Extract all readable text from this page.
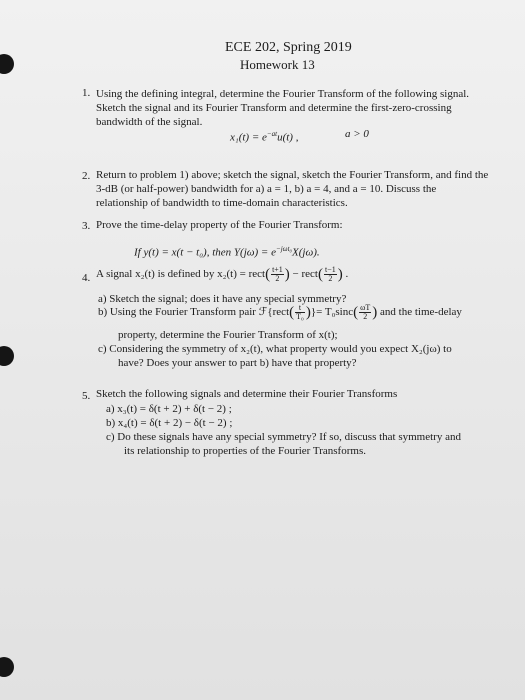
ECE 202, Spring 2019
Homework 13
1. Using the defining integral, determine the Fourier Transform of the following signal.
Sketch the signal and its Fourier Transform and determine the first-zero-crossing
bandwidth of the signal.
$x_1(t) = e^{-at}u(t)$ ,	a > 0
2. Return to problem 1) above; sketch the signal, sketch the Fourier Transform, and find the
3-dB (or half-power) bandwidth for a) a = 1, b) a = 4, and a = 10. Discuss the
relationship of bandwidth to time-domain characteristics.
3. Prove the time-delay property of the Fourier Transform:
If y(t) = x(t − t₀), then $Y(j\omega) = e^{-j\omega t_0}X(j\omega)$.
4. A signal x₂(t) is defined by x₂(t) = rect( $\frac{t+1}{2}$ ) − rect( $\frac{t-1}{2}$ ) .
a) Sketch the signal; does it have any special symmetry?
b) Using the Fourier Transform pair ℱ{rect( $\frac{t}{\text{T₀}}$ )}= $T_0\sin c( \frac{\omega T}{2}$ ) and the time-delay
property, determine the Fourier Transform of x(t);
c) Considering the symmetry of x₂(t), what property would you expect X₂(jω) to
have? Does your answer to part b) have that property?
5. Sketch the following signals and determine their Fourier Transforms
a) x₃(t) = δ(t + 2) + δ(t − 2) ;
b) x₄(t) = δ(t + 2) − δ(t − 2) ;
c) Do these signals have any special symmetry? If so, discuss that symmetry and
its relationship to properties of the Fourier Transforms.
